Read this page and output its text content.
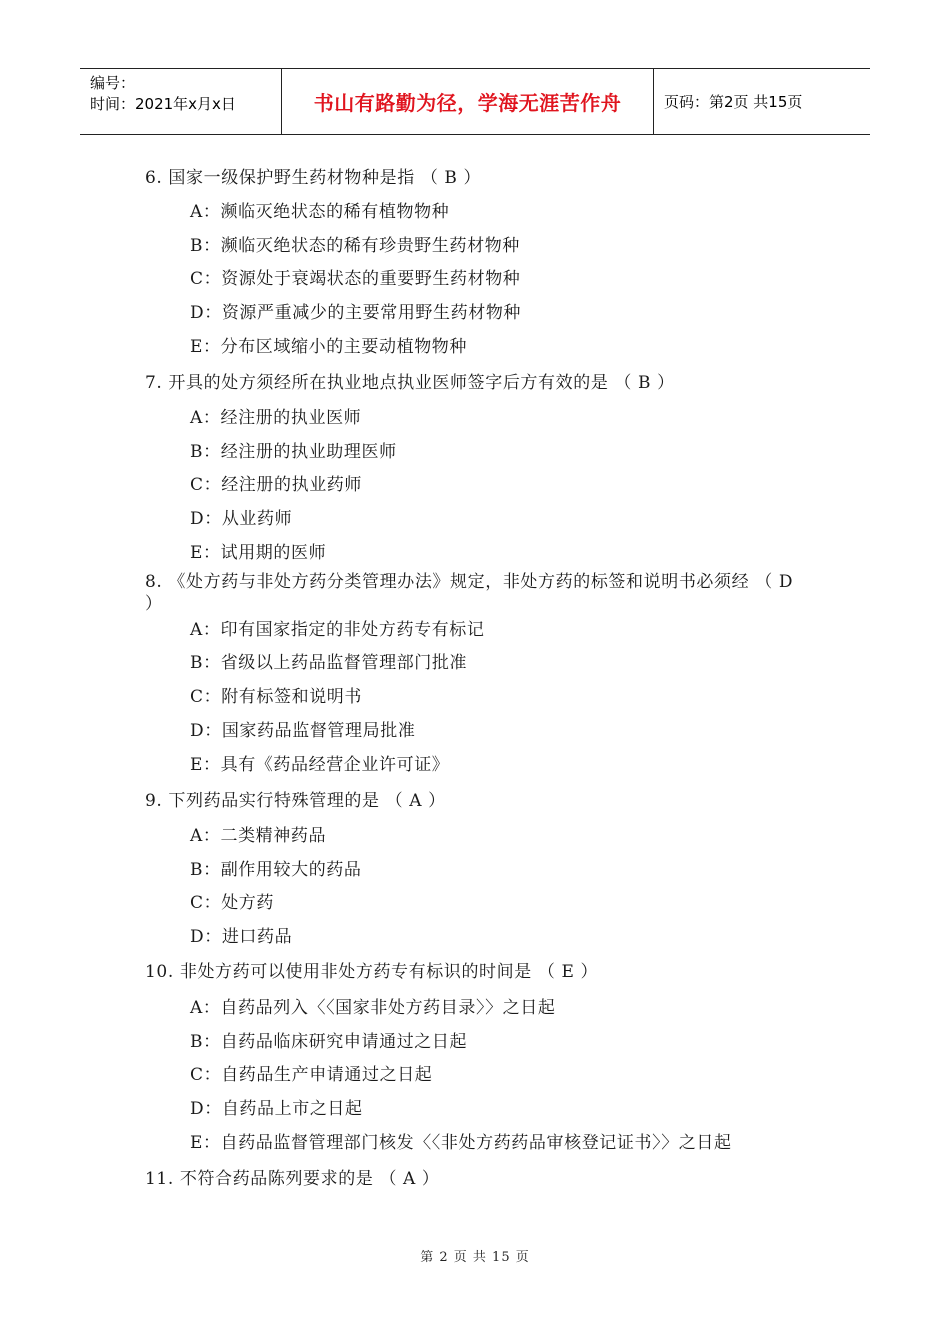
编号：
时间：2021年x月x日	书山有路勤为径，学海无涯苦作舟	页码：第2页 共15页
6. 国家一级保护野生药材物种是指 （ B ）
A：濒临灭绝状态的稀有植物物种
B：濒临灭绝状态的稀有珍贵野生药材物种
C：资源处于衰竭状态的重要野生药材物种
D：资源严重减少的主要常用野生药材物种
E：分布区域缩小的主要动植物物种
7. 开具的处方须经所在执业地点执业医师签字后方有效的是 （ B ）
A：经注册的执业医师
B：经注册的执业助理医师
C：经注册的执业药师
D：从业药师
E：试用期的医师
8. 《处方药与非处方药分类管理办法》规定，非处方药的标签和说明书必须经 （ D
）
A：印有国家指定的非处方药专有标记
B：省级以上药品监督管理部门批准
C：附有标签和说明书
D：国家药品监督管理局批准
E：具有《药品经营企业许可证》
9. 下列药品实行特殊管理的是 （ A ）
A：二类精神药品
B：副作用较大的药品
C：处方药
D：进口药品
10. 非处方药可以使用非处方药专有标识的时间是 （ E ）
A：自药品列入〈〈国家非处方药目录〉〉之日起
B：自药品临床研究申请通过之日起
C：自药品生产申请通过之日起
D：自药品上市之日起
E：自药品监督管理部门核发〈〈非处方药药品审核登记证书〉〉之日起
11. 不符合药品陈列要求的是 （ A ）
第 2 页 共 15 页
